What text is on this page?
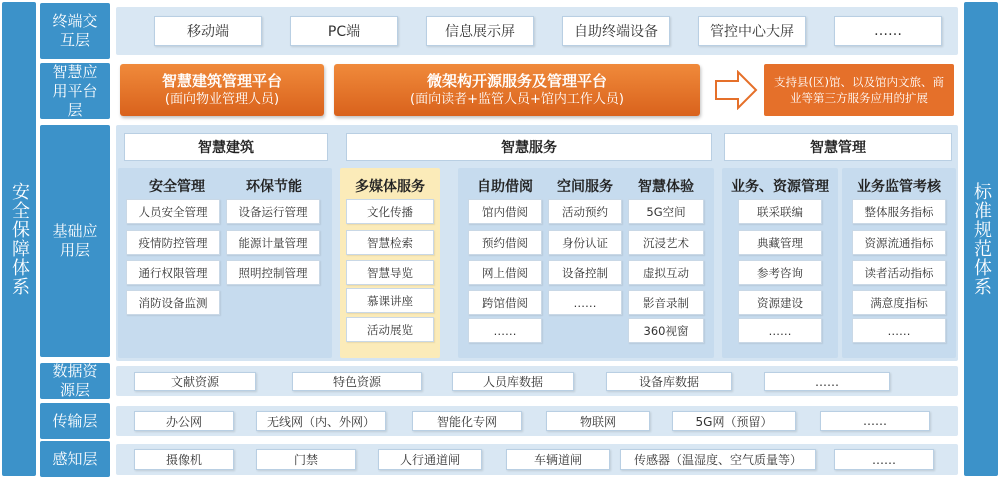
安全保障体系	标准规范体系
终端交互层	移动端	PC端	信息展示屏	自助终端设备	管控中心大屏	……
智慧应用平台层
智慧建筑管理平台
(面向物业管理人员)
微架构开源服务及管理平台
(面向读者+监管人员+馆内工作人员)
支持县(区)馆、以及馆内文旅、商业等第三方服务应用的扩展
基础应用层
智慧建筑	智慧服务	智慧管理
安全管理	环保节能
人员安全管理
疫情防控管理
通行权限管理
消防设备监测
设备运行管理
能源计量管理
照明控制管理
多媒体服务
文化传播
智慧检索
智慧导览
慕课讲座
活动展览
自助借阅	空间服务	智慧体验
馆内借阅
预约借阅
网上借阅
跨馆借阅
……
活动预约
身份认证
设备控制
……
5G空间
沉浸艺术
虚拟互动
影音录制
360视窗
业务、资源管理
联采联编
典藏管理
参考咨询
资源建设
……
业务监管考核
整体服务指标
资源流通指标
读者活动指标
满意度指标
……
数据资源层	文献资源	特色资源	人员库数据	设备库数据	……
传输层	办公网	无线网（内、外网）	智能化专网	物联网	5G网（预留）	……
感知层	摄像机	门禁	人行通道闸	车辆道闸	传感器（温湿度、空气质量等）	……
